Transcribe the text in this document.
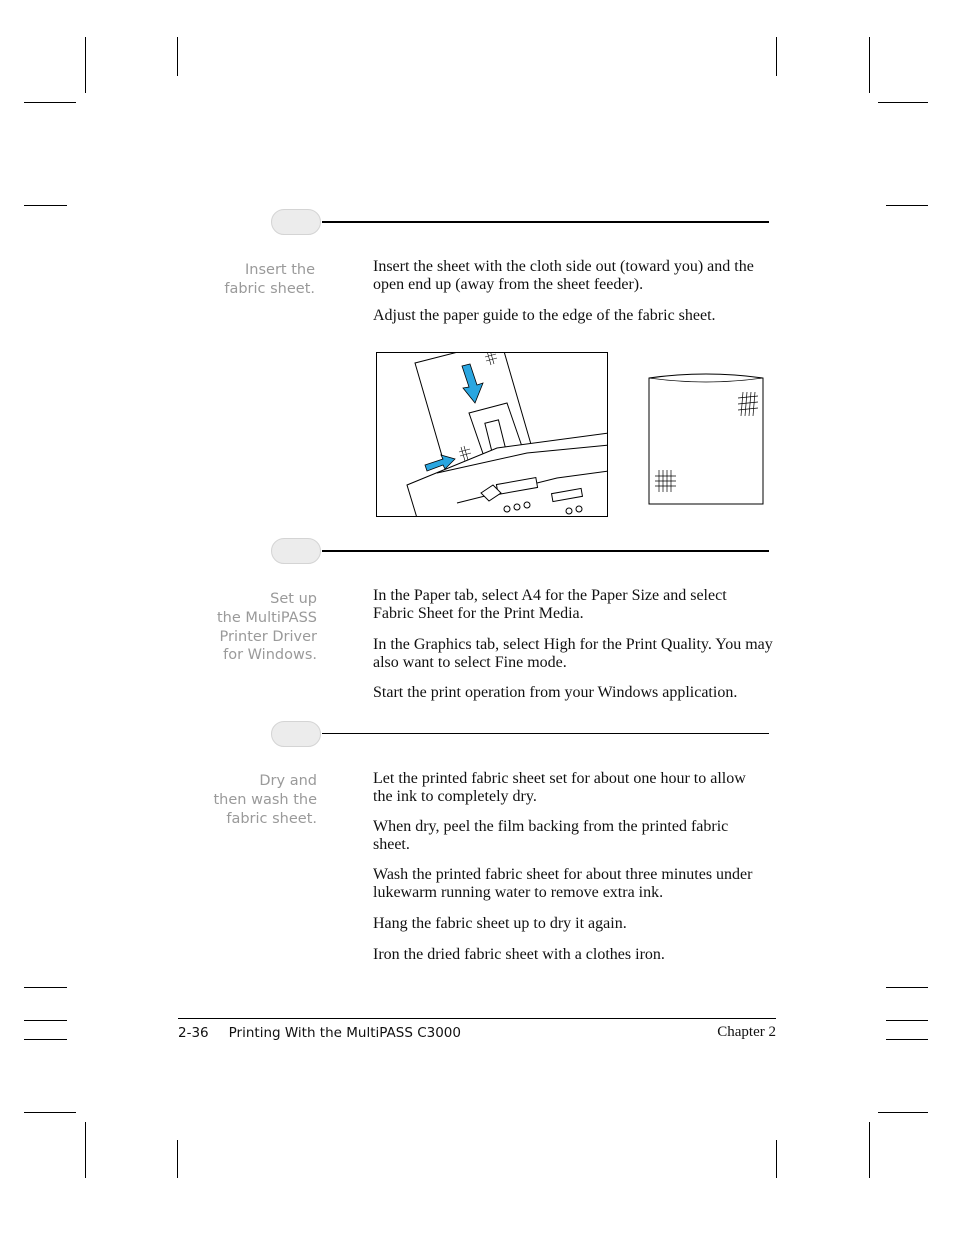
Insert the
fabric sheet.

Insert the sheet with the cloth side out (toward you) and the open end up (away from the sheet feeder).

Adjust the paper guide to the edge of the fabric sheet.

Set up
the MultiPASS
Printer Driver
for Windows.

In the Paper tab, select A4 for the Paper Size and select Fabric Sheet for the Print Media.

In the Graphics tab, select High for the Print Quality. You may also want to select Fine mode.

Start the print operation from your Windows application.

Dry and
then wash the
fabric sheet.

Let the printed fabric sheet set for about one hour to allow the ink to completely dry.

When dry, peel the film backing from the printed fabric sheet.

Wash the printed fabric sheet for about three minutes under lukewarm running water to remove extra ink.

Hang the fabric sheet up to dry it again.

Iron the dried fabric sheet with a clothes iron.

2-36 Printing With the MultiPASS C3000	Chapter 2
